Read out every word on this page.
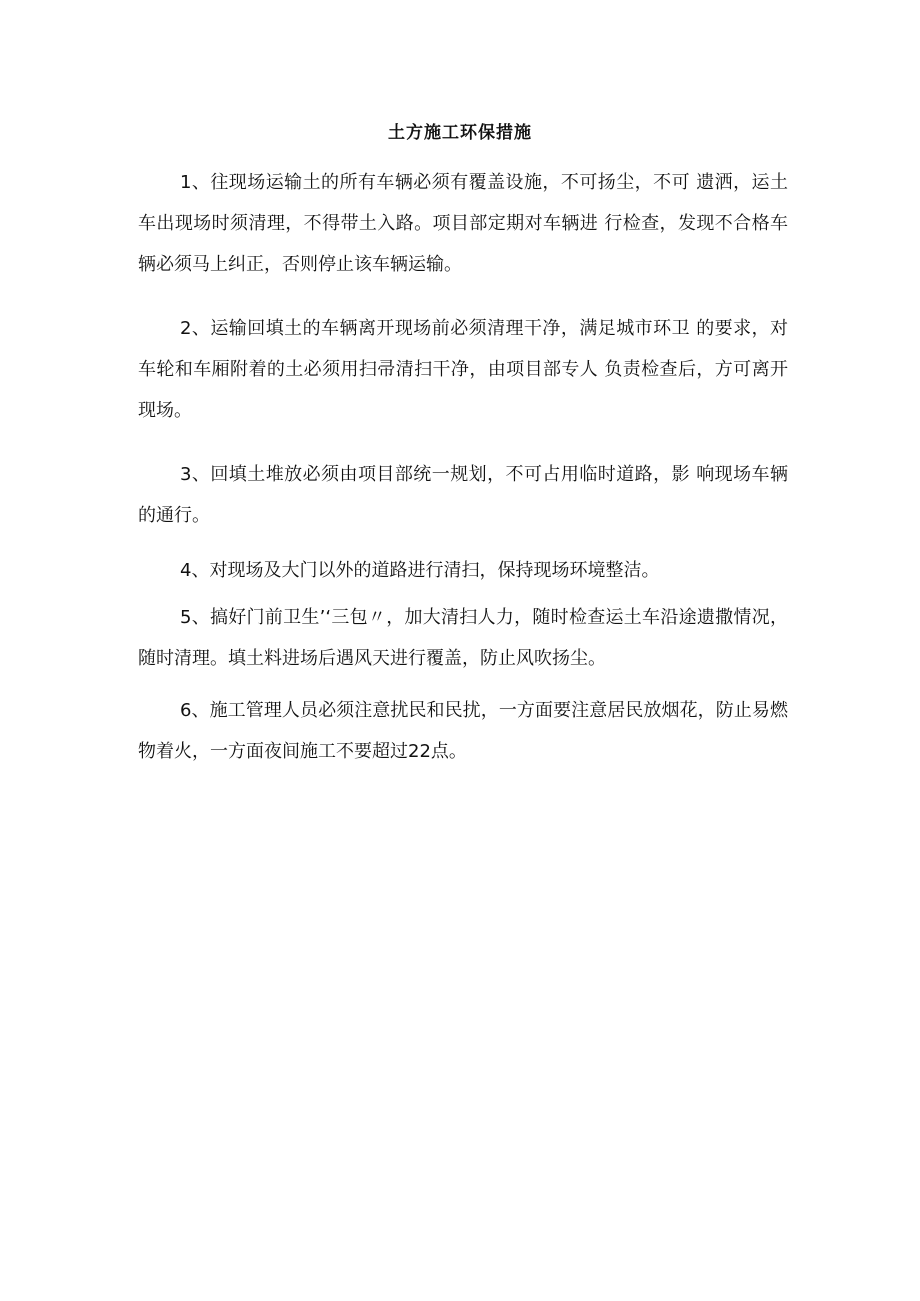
土方施工环保措施

1、往现场运输土的所有车辆必须有覆盖设施，不可扬尘，不可 遗洒，运土车出现场时须清理，不得带土入路。项目部定期对车辆进 行检查，发现不合格车辆必须马上纠正，否则停止该车辆运输。

2、运输回填土的车辆离开现场前必须清理干净，满足城市环卫 的要求，对车轮和车厢附着的土必须用扫帚清扫干净，由项目部专人 负责检查后，方可离开现场。

3、回填土堆放必须由项目部统一规划，不可占用临时道路，影 响现场车辆的通行。

4、对现场及大门以外的道路进行清扫，保持现场环境整洁。

5、搞好门前卫生’‘三包〃，加大清扫人力，随时检查运土车沿途遗撒情况，随时清理。填土料进场后遇风天进行覆盖，防止风吹扬尘。

6、施工管理人员必须注意扰民和民扰，一方面要注意居民放烟花，防止易燃物着火，一方面夜间施工不要超过22点。
